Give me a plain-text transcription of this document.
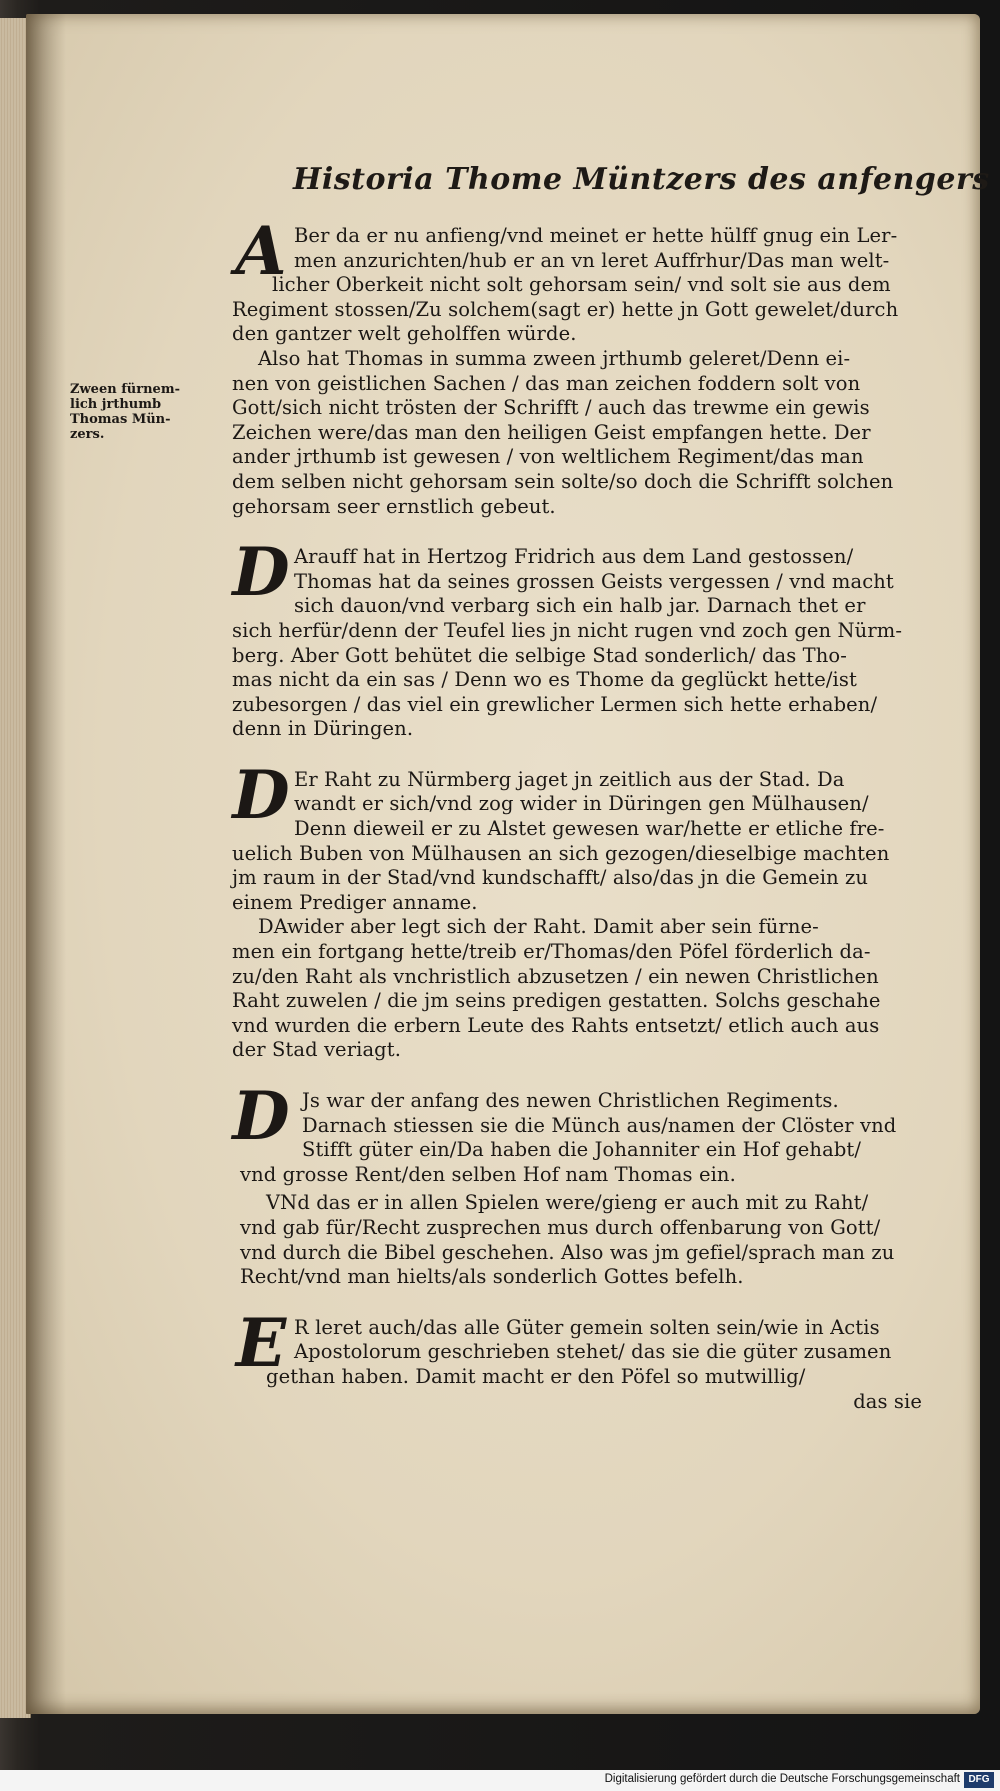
Historia Thome Müntzers des anfengers
Zween fürnem-
lich jrthumb
Thomas Mün-
zers.
A Ber da er nu anfieng/vnd meinet er hette hülff gnug ein Ler-
men anzurichten/hub er an vn leret Auffrhur/Das man welt-
licher Oberkeit nicht solt gehorsam sein/ vnd solt sie aus dem
Regiment stossen/Zu solchem(sagt er) hette jn Gott gewelet/durch
den gantzer welt geholffen würde.
Also hat Thomas in summa zween jrthumb geleret/Denn ei-
nen von geistlichen Sachen / das man zeichen foddern solt von
Gott/sich nicht trösten der Schrifft / auch das trewme ein gewis
Zeichen were/das man den heiligen Geist empfangen hette. Der
ander jrthumb ist gewesen / von weltlichem Regiment/das man
dem selben nicht gehorsam sein solte/so doch die Schrifft solchen
gehorsam seer ernstlich gebeut.
D Arauff hat in Hertzog Fridrich aus dem Land gestossen/
Thomas hat da seines grossen Geists vergessen / vnd macht
sich dauon/vnd verbarg sich ein halb jar. Darnach thet er
sich herfür/denn der Teufel lies jn nicht rugen vnd zoch gen Nürm-
berg. Aber Gott behütet die selbige Stad sonderlich/ das Tho-
mas nicht da ein sas / Denn wo es Thome da geglückt hette/ist
zubesorgen / das viel ein grewlicher Lermen sich hette erhaben/
denn in Düringen.
D Er Raht zu Nürmberg jaget jn zeitlich aus der Stad. Da
wandt er sich/vnd zog wider in Düringen gen Mülhausen/
Denn dieweil er zu Alstet gewesen war/hette er etliche fre-
uelich Buben von Mülhausen an sich gezogen/dieselbige machten
jm raum in der Stad/vnd kundschafft/ also/das jn die Gemein zu
einem Prediger anname.
DAwider aber legt sich der Raht. Damit aber sein fürne-
men ein fortgang hette/treib er/Thomas/den Pöfel förderlich da-
zu/den Raht als vnchristlich abzusetzen / ein newen Christlichen
Raht zuwelen / die jm seins predigen gestatten. Solchs geschahe
vnd wurden die erbern Leute des Rahts entsetzt/ etlich auch aus
der Stad veriagt.
D Js war der anfang des newen Christlichen Regiments.
Darnach stiessen sie die Münch aus/namen der Clöster vnd
Stifft güter ein/Da haben die Johanniter ein Hof gehabt/
vnd grosse Rent/den selben Hof nam Thomas ein.
VNd das er in allen Spielen were/gieng er auch mit zu Raht/
vnd gab für/Recht zusprechen mus durch offenbarung von Gott/
vnd durch die Bibel geschehen. Also was jm gefiel/sprach man zu
Recht/vnd man hielts/als sonderlich Gottes befelh.
E R leret auch/das alle Güter gemein solten sein/wie in Actis
Apostolorum geschrieben stehet/ das sie die güter zusamen
gethan haben. Damit macht er den Pöfel so mutwillig/
das sie
Digitalisierung gefördert durch die Deutsche Forschungsgemeinschaft DFG
